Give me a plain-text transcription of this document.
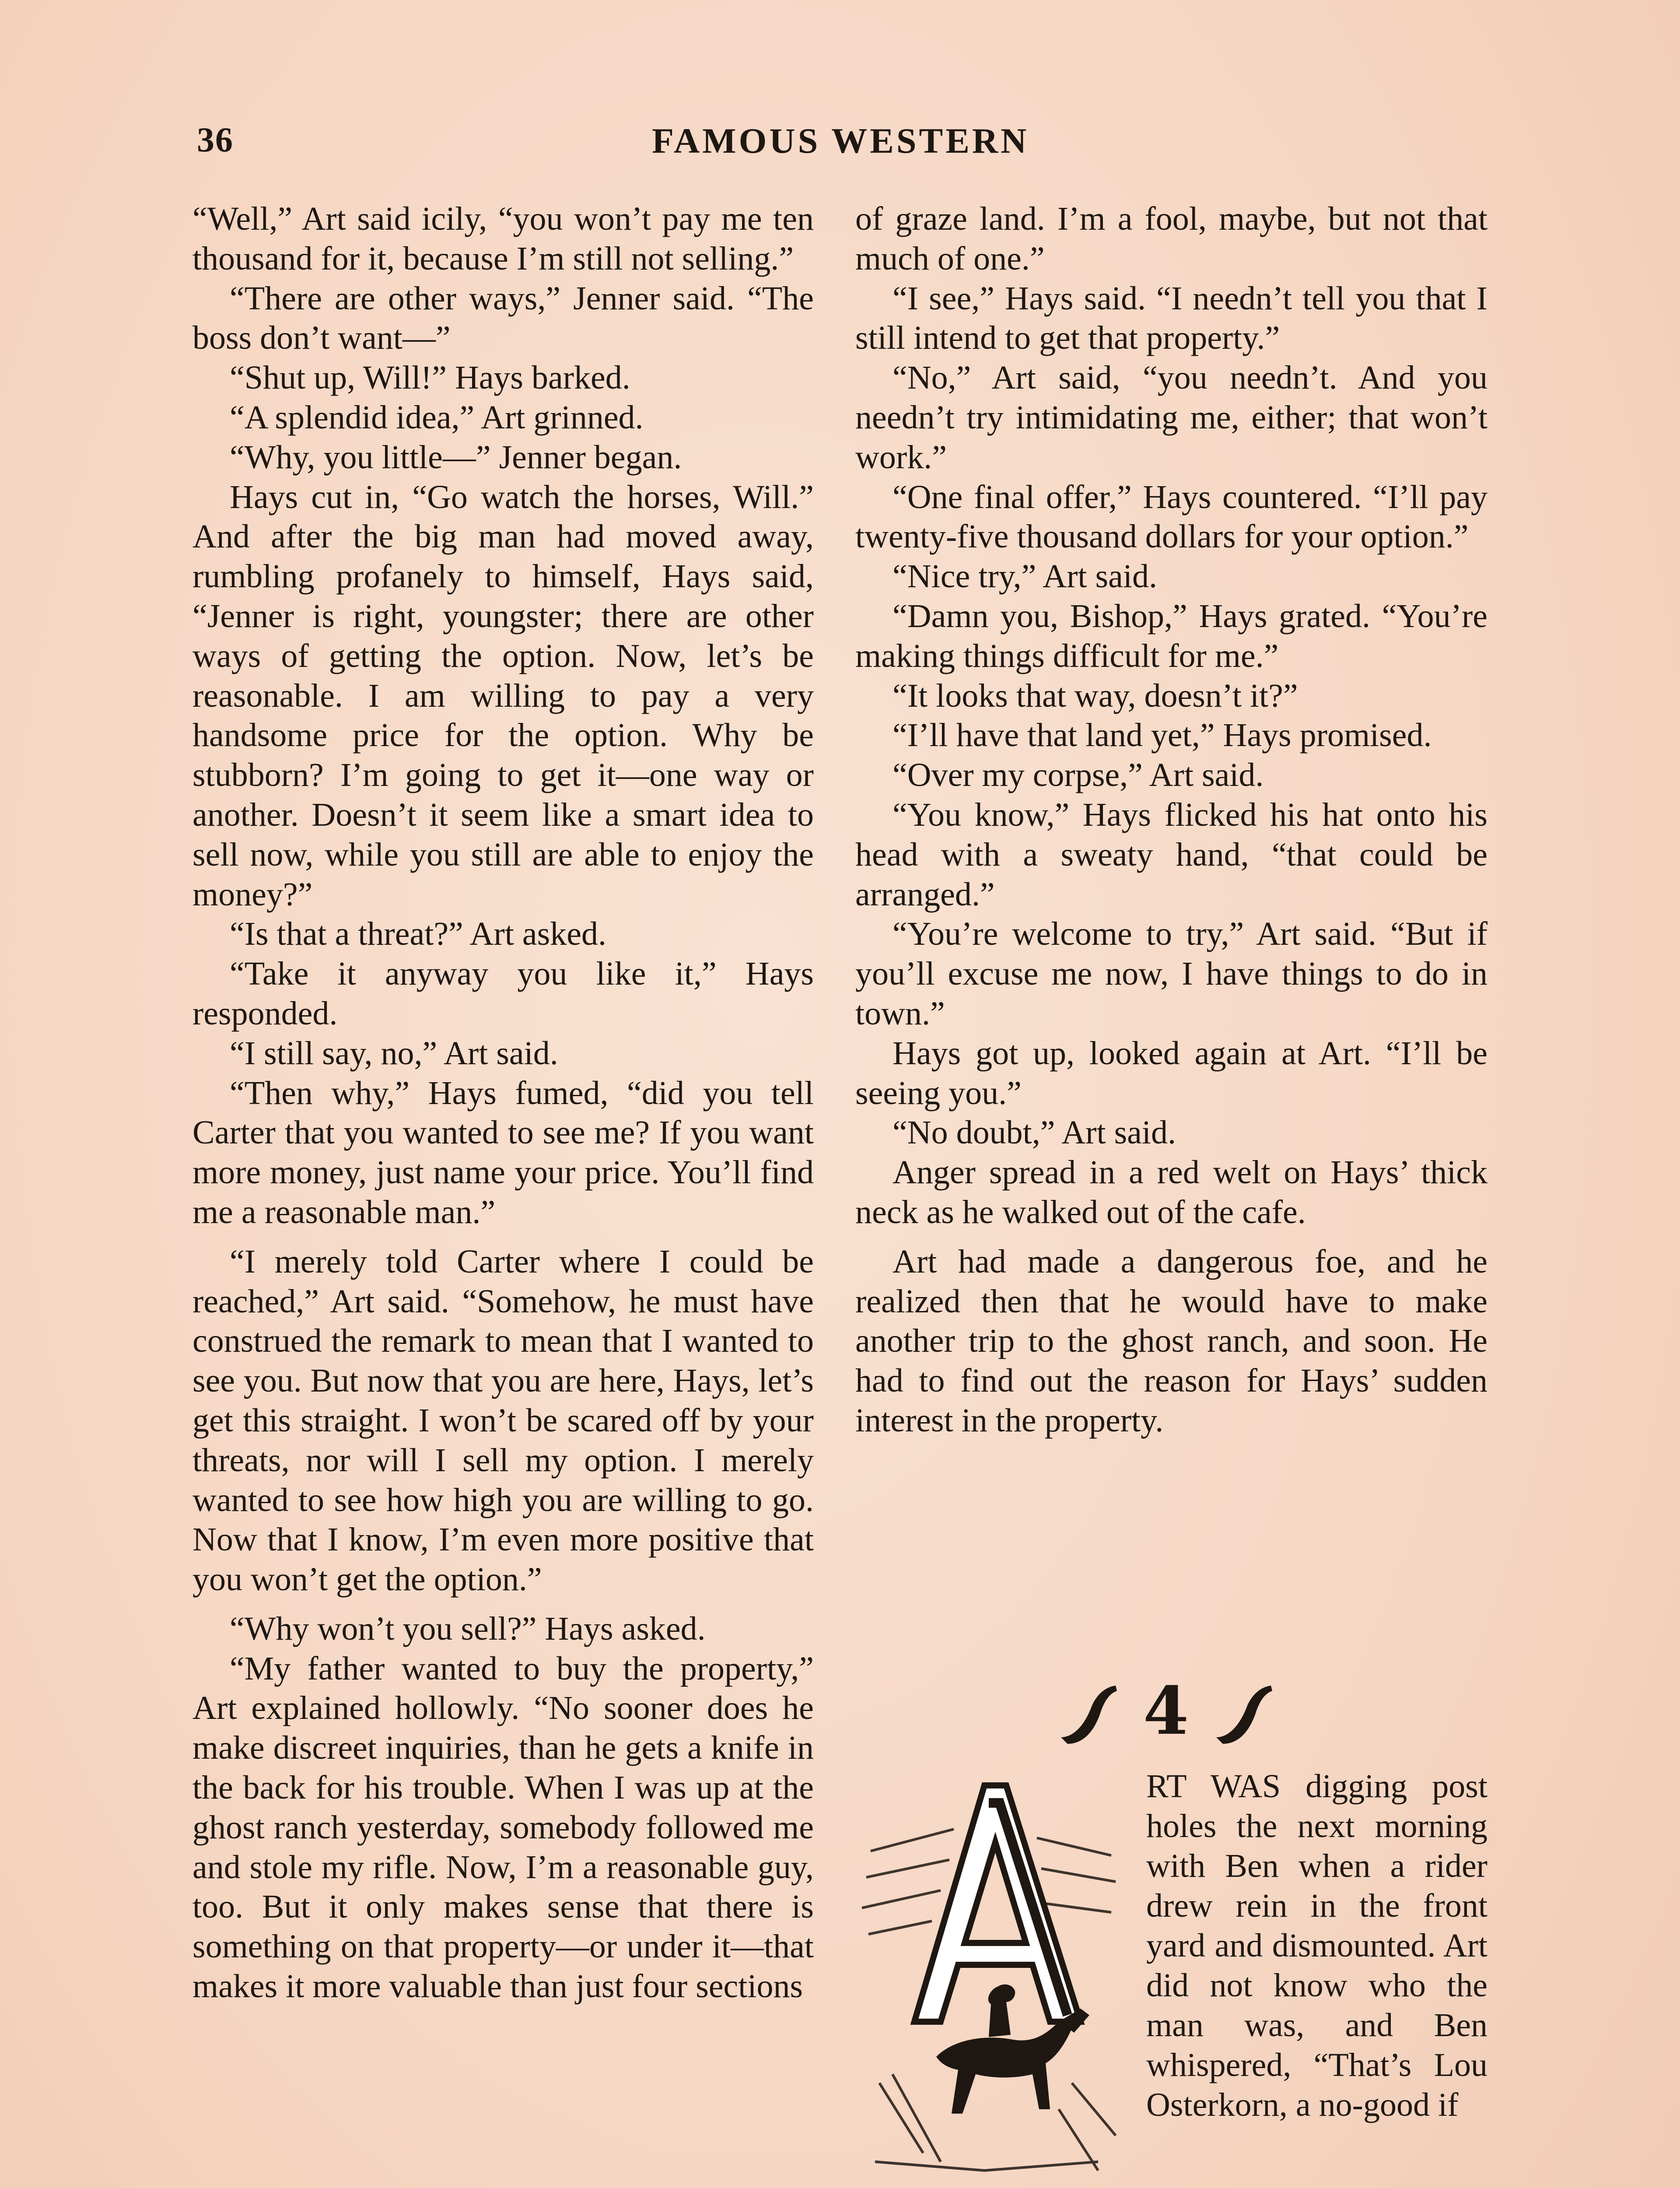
36	FAMOUS WESTERN

“Well,” Art said icily, “you won’t pay me ten thousand for it, because I’m still not selling.”

“There are other ways,” Jenner said. “The boss don’t want—”

“Shut up, Will!” Hays barked.

“A splendid idea,” Art grinned.

“Why, you little—” Jenner began.

Hays cut in, “Go watch the horses, Will.” And after the big man had moved away, rumbling profanely to himself, Hays said, “Jenner is right, youngster; there are other ways of getting the option. Now, let’s be reasonable. I am willing to pay a very handsome price for the option. Why be stubborn? I’m going to get it—one way or another. Doesn’t it seem like a smart idea to sell now, while you still are able to enjoy the money?”

“Is that a threat?” Art asked.

“Take it anyway you like it,” Hays responded.

“I still say, no,” Art said.

“Then why,” Hays fumed, “did you tell Carter that you wanted to see me? If you want more money, just name your price. You’ll find me a reasonable man.”

“I merely told Carter where I could be reached,” Art said. “Somehow, he must have construed the remark to mean that I wanted to see you. But now that you are here, Hays, let’s get this straight. I won’t be scared off by your threats, nor will I sell my option. I merely wanted to see how high you are willing to go. Now that I know, I’m even more positive that you won’t get the option.”

“Why won’t you sell?” Hays asked.

“My father wanted to buy the property,” Art explained hollowly. “No sooner does he make discreet inquiries, than he gets a knife in the back for his trouble. When I was up at the ghost ranch yesterday, somebody followed me and stole my rifle. Now, I’m a reasonable guy, too. But it only makes sense that there is something on that property—or under it—that makes it more valuable than just four sections

of graze land. I’m a fool, maybe, but not that much of one.”

“I see,” Hays said. “I needn’t tell you that I still intend to get that property.”

“No,” Art said, “you needn’t. And you needn’t try intimidating me, either; that won’t work.”

“One final offer,” Hays countered. “I’ll pay twenty-five thousand dollars for your option.”

“Nice try,” Art said.

“Damn you, Bishop,” Hays grated. “You’re making things difficult for me.”

“It looks that way, doesn’t it?”

“I’ll have that land yet,” Hays promised.

“Over my corpse,” Art said.

“You know,” Hays flicked his hat onto his head with a sweaty hand, “that could be arranged.”

“You’re welcome to try,” Art said. “But if you’ll excuse me now, I have things to do in town.”

Hays got up, looked again at Art. “I’ll be seeing you.”

“No doubt,” Art said.

Anger spread in a red welt on Hays’ thick neck as he walked out of the cafe.

Art had made a dangerous foe, and he realized then that he would have to make another trip to the ghost ranch, and soon. He had to find out the reason for Hays’ sudden interest in the property.

4

RT WAS digging post holes the next morning with Ben when a rider drew rein in the front yard and dismounted. Art did not know who the man was, and Ben whispered, “That’s Lou Osterkorn, a no-good if
